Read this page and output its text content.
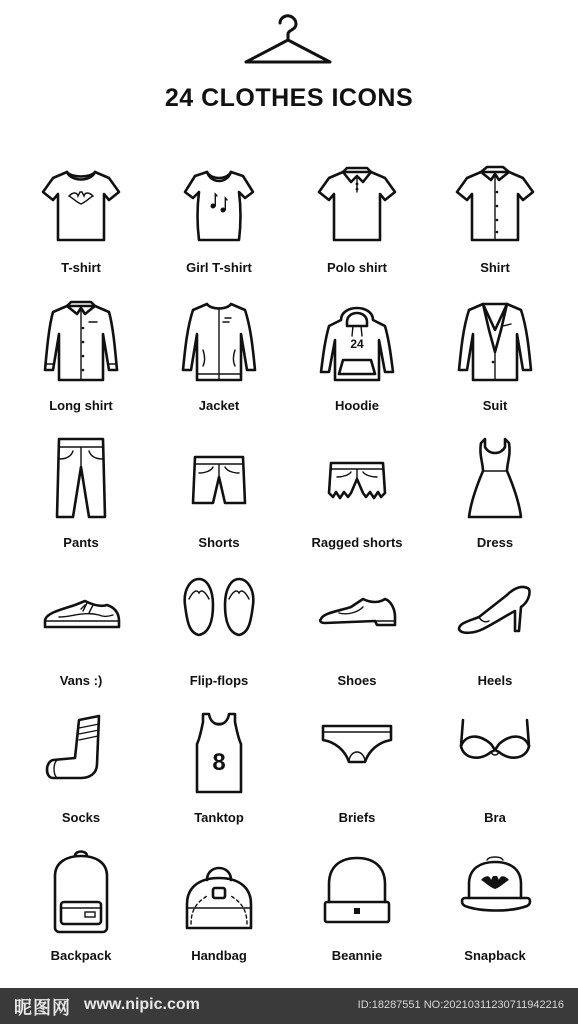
24 CLOTHES ICONS
T-shirt	Girl T-shirt	Polo shirt	Shirt
Long shirt	Jacket
24
Hoodie	Suit
Pants	Shorts	Ragged shorts	Dress
Vans :)	Flip-flops	Shoes	Heels
Socks
8
Tanktop	Briefs	Bra
Backpack	Handbag	Beannie	Snapback
昵图网 www.nipic.com	ID:18287551 NO:20210311230711942216
